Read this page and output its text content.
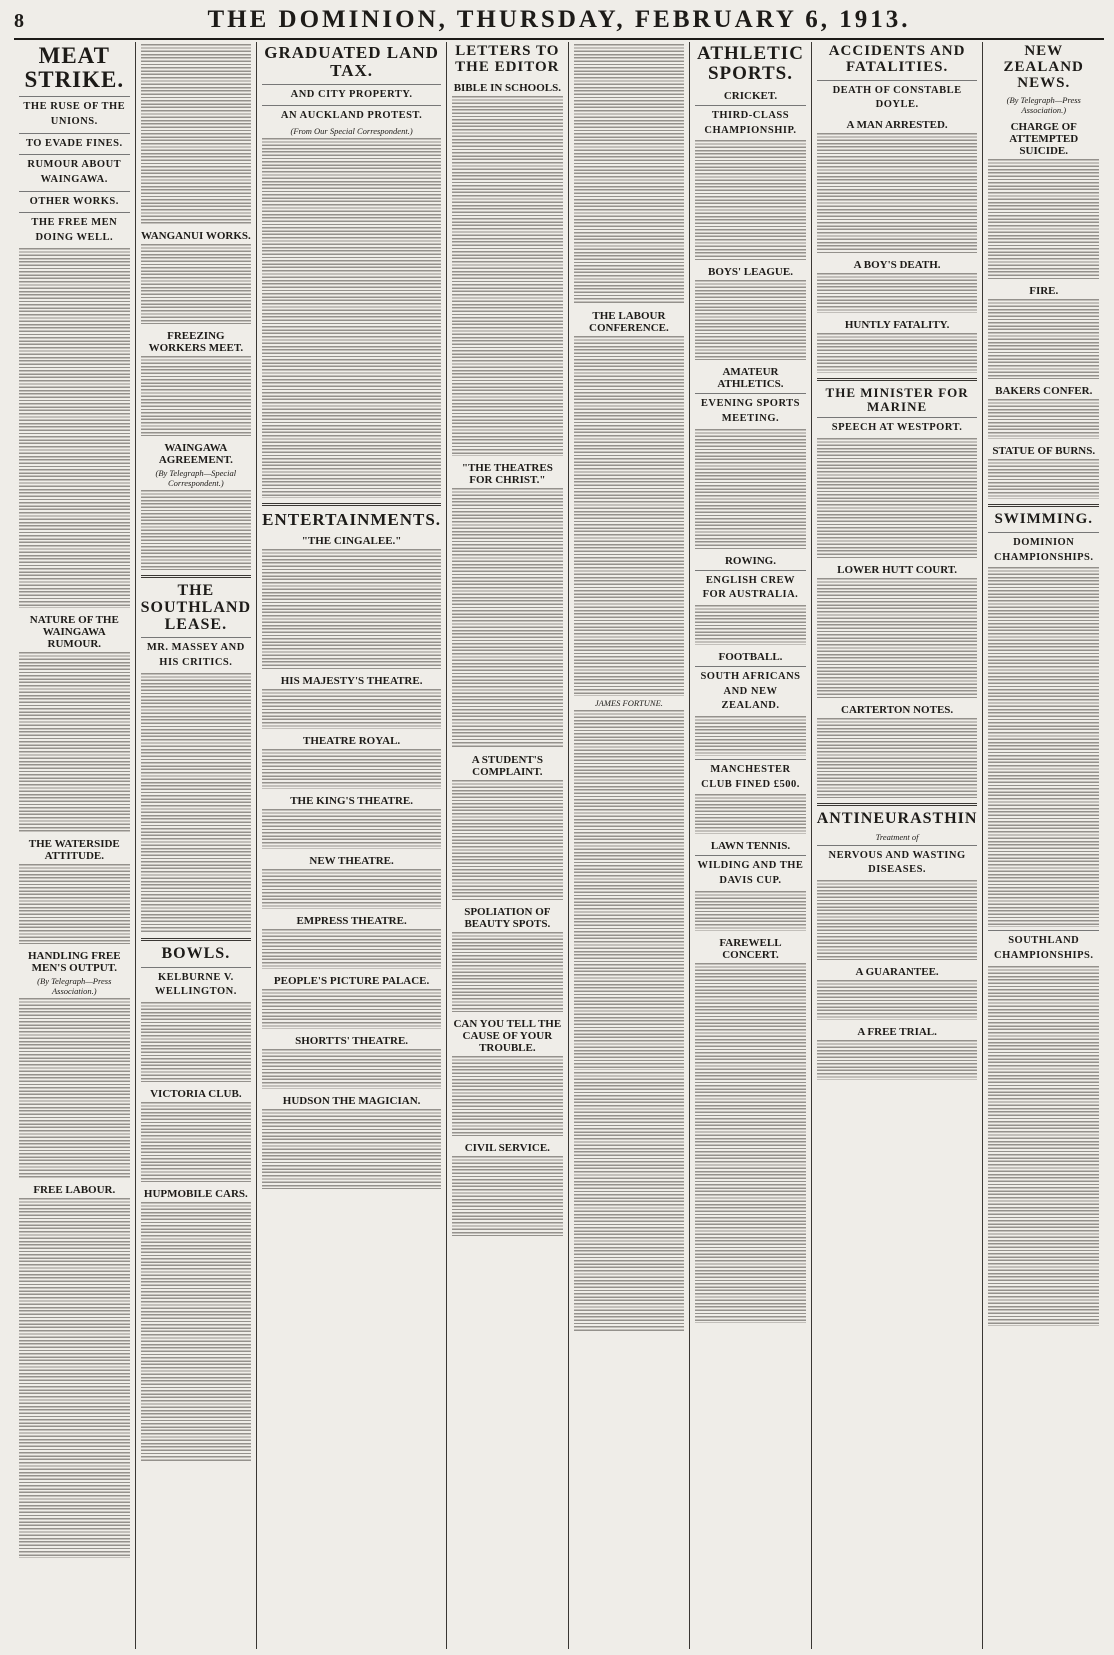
8	THE DOMINION, THURSDAY, FEBRUARY 6, 1913.
MEAT STRIKE.
THE RUSE OF THE UNIONS.
TO EVADE FINES.
RUMOUR ABOUT WAINGAWA.
OTHER WORKS.
THE FREE MEN DOING WELL.
NATURE OF THE WAINGAWA RUMOUR.
THE WATERSIDE ATTITUDE.
HANDLING FREE MEN'S OUTPUT.
(By Telegraph—Press Association.)
FREE LABOUR.
WANGANUI WORKS.
FREEZING WORKERS MEET.
WAINGAWA AGREEMENT.
(By Telegraph—Special Correspondent.)
THE SOUTHLAND LEASE.
MR. MASSEY AND HIS CRITICS.
BOWLS.
KELBURNE V. WELLINGTON.
VICTORIA CLUB.
HUPMOBILE CARS.
GRADUATED LAND TAX.
AND CITY PROPERTY.
AN AUCKLAND PROTEST.
(From Our Special Correspondent.)
ENTERTAINMENTS.
"THE CINGALEE."
HIS MAJESTY'S THEATRE.
THEATRE ROYAL.
THE KING'S THEATRE.
NEW THEATRE.
EMPRESS THEATRE.
PEOPLE'S PICTURE PALACE.
SHORTTS' THEATRE.
HUDSON THE MAGICIAN.
LETTERS TO THE EDITOR
BIBLE IN SCHOOLS.
"THE THEATRES FOR CHRIST."
A STUDENT'S COMPLAINT.
SPOLIATION OF BEAUTY SPOTS.
CAN YOU TELL THE CAUSE OF YOUR TROUBLE.
CIVIL SERVICE.
THE LABOUR CONFERENCE.
JAMES FORTUNE.
ATHLETIC SPORTS.
CRICKET.
THIRD-CLASS CHAMPIONSHIP.
BOYS' LEAGUE.
AMATEUR ATHLETICS.
EVENING SPORTS MEETING.
ROWING.
ENGLISH CREW FOR AUSTRALIA.
FOOTBALL.
SOUTH AFRICANS AND NEW ZEALAND.
MANCHESTER CLUB FINED £500.
LAWN TENNIS.
WILDING AND THE DAVIS CUP.
FAREWELL CONCERT.
ACCIDENTS AND FATALITIES.
DEATH OF CONSTABLE DOYLE.
A MAN ARRESTED.
A BOY'S DEATH.
HUNTLY FATALITY.
THE MINISTER FOR MARINE
SPEECH AT WESTPORT.
LOWER HUTT COURT.
CARTERTON NOTES.
ANTINEURASTHIN
Treatment of
NERVOUS AND WASTING DISEASES.
A GUARANTEE.
A FREE TRIAL.
NEW ZEALAND NEWS.
(By Telegraph—Press Association.)
CHARGE OF ATTEMPTED SUICIDE.
FIRE.
BAKERS CONFER.
STATUE OF BURNS.
SWIMMING.
DOMINION CHAMPIONSHIPS.
SOUTHLAND CHAMPIONSHIPS.
